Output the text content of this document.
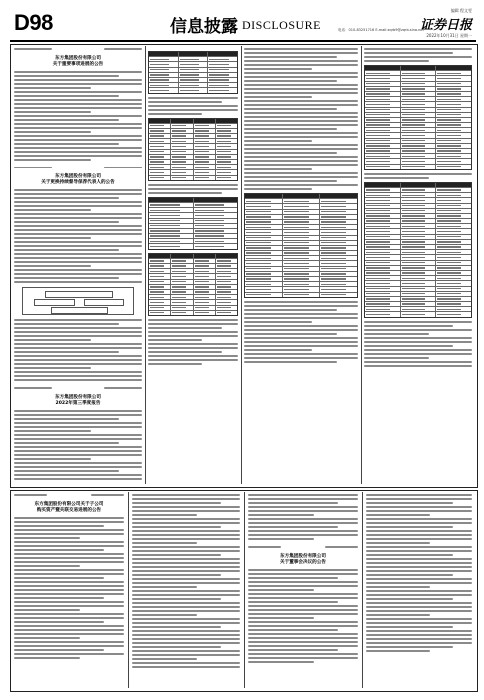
D98	信息披露 DISCLOSURE	电话：010-83251716 E-mail:zqrb9@zqrb.sina.net
编辑 程文雯
证券日报
2022年10月31日 星期一
东方集团股份有限公司
关于重要事项进展的公告
东方集团股份有限公司
关于更换持续督导保荐代表人的公告
东方集团股份有限公司
2022年第三季度报告
东方集团股份有限公司关于子公司
购买资产暨关联交易进展的公告
东方集团股份有限公司
关于董事会决议的公告
